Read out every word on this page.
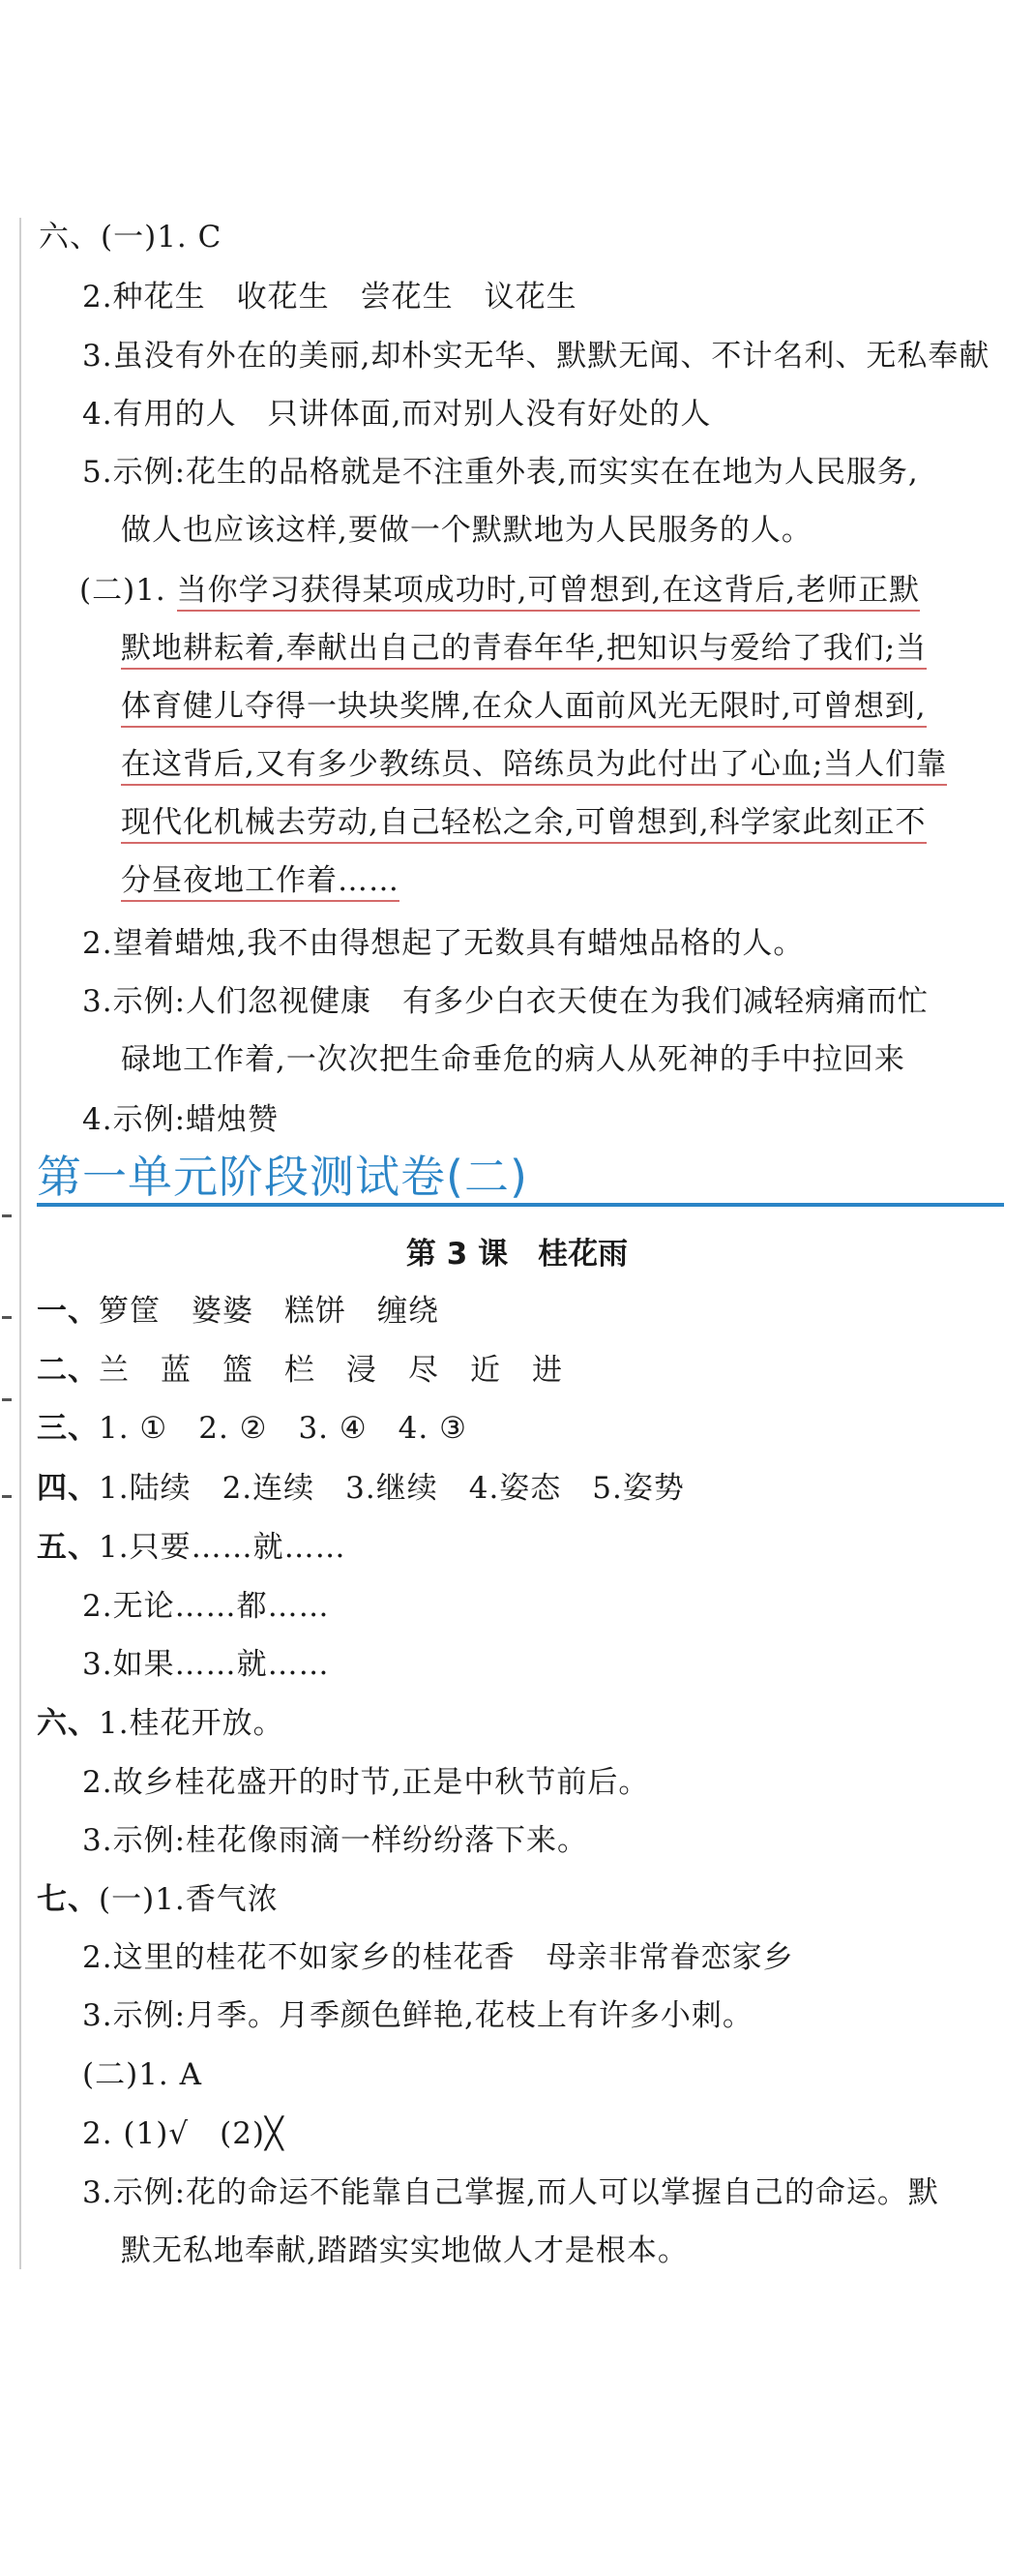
六、(一)1. C
2.种花生　收花生　尝花生　议花生
3.虽没有外在的美丽,却朴实无华、默默无闻、不计名利、无私奉献
4.有用的人　只讲体面,而对别人没有好处的人
5.示例:花生的品格就是不注重外表,而实实在在地为人民服务,
做人也应该这样,要做一个默默地为人民服务的人。
(二)1. 当你学习获得某项成功时,可曾想到,在这背后,老师正默
默地耕耘着,奉献出自己的青春年华,把知识与爱给了我们;当
体育健儿夺得一块块奖牌,在众人面前风光无限时,可曾想到,
在这背后,又有多少教练员、陪练员为此付出了心血;当人们靠
现代化机械去劳动,自己轻松之余,可曾想到,科学家此刻正不
分昼夜地工作着……
2.望着蜡烛,我不由得想起了无数具有蜡烛品格的人。
3.示例:人们忽视健康　有多少白衣天使在为我们减轻病痛而忙
碌地工作着,一次次把生命垂危的病人从死神的手中拉回来
4.示例:蜡烛赞
第一单元阶段测试卷(二)
第 3 课　桂花雨
一、箩筐　婆婆　糕饼　缠绕
二、兰　蓝　篮　栏　浸　尽　近　进
三、1. ①　2. ②　3. ④　4. ③
四、1.陆续　2.连续　3.继续　4.姿态　5.姿势
五、1.只要……就……
2.无论……都……
3.如果……就……
六、1.桂花开放。
2.故乡桂花盛开的时节,正是中秋节前后。
3.示例:桂花像雨滴一样纷纷落下来。
七、(一)1.香气浓
2.这里的桂花不如家乡的桂花香　母亲非常眷恋家乡
3.示例:月季。月季颜色鲜艳,花枝上有许多小刺。
(二)1. A
2. (1)√　(2)╳
3.示例:花的命运不能靠自己掌握,而人可以掌握自己的命运。默
默无私地奉献,踏踏实实地做人才是根本。
